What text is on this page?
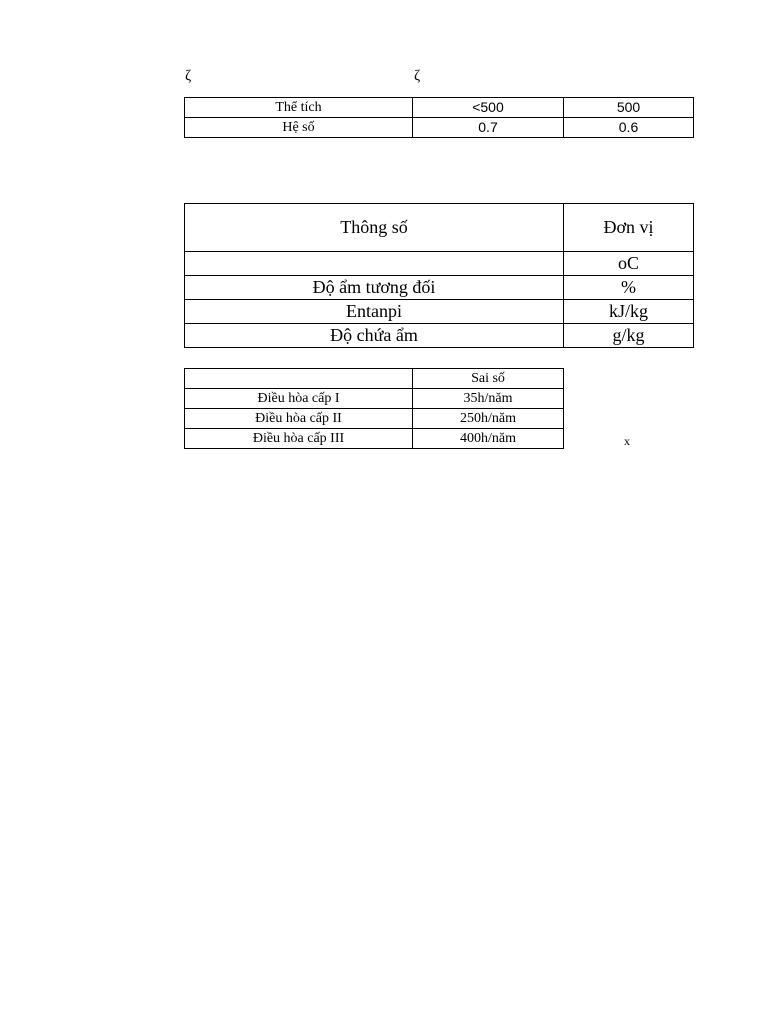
ζ	ζ
Thể tích	<500	500
Hệ số	0.7	0.6
Thông số	Đơn vị
	oC
Độ ẩm tương đối	%
Entanpi	kJ/kg
Độ chứa ẩm	g/kg
	Sai số
Điều hòa cấp I	35h/năm
Điều hòa cấp II	250h/năm
Điều hòa cấp III	400h/năm	x
